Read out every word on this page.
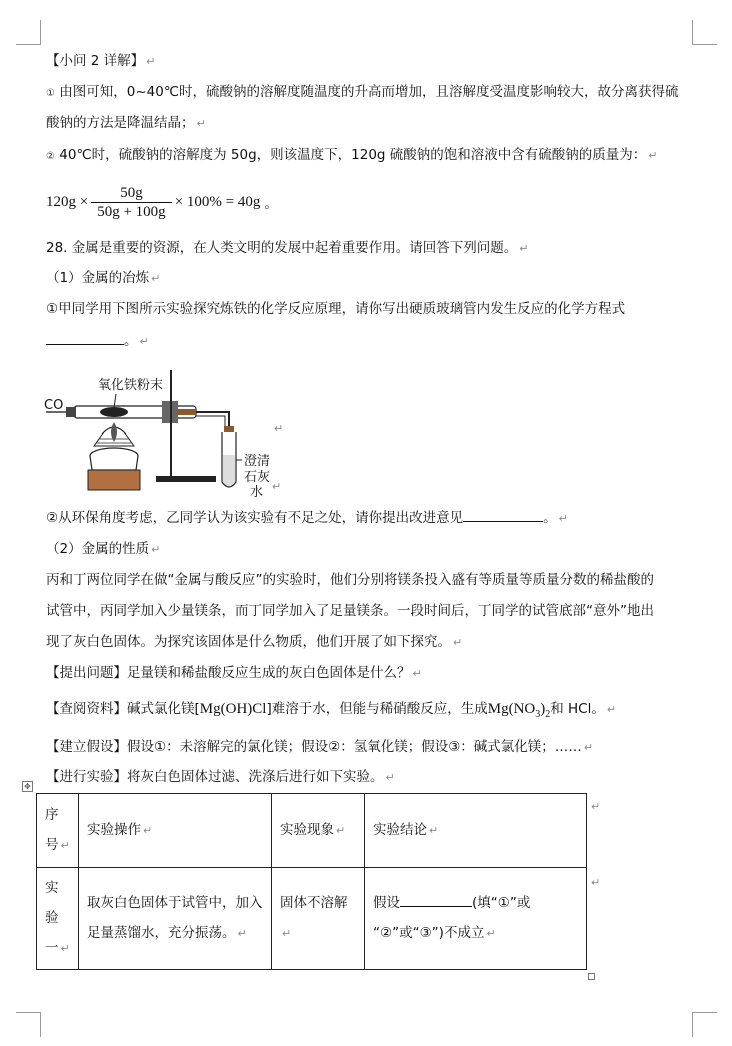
【小问 2 详解】 ↵
① 由图可知，0~40℃时，硫酸钠的溶解度随温度的升高而增加，且溶解度受温度影响较大，故分离获得硫
酸钠的方法是降温结晶； ↵
② 40℃时，硫酸钠的溶解度为 50g，则该温度下，120g 硫酸钠的饱和溶液中含有硫酸钠的质量为： ↵
$120g \times \frac{50g}{50g + 100g} \times 100\% = 40g$ 。
28. 金属是重要的资源，在人类文明的发展中起着重要作用。请回答下列问题。 ↵
（1）金属的冶炼 ↵
①甲同学用下图所示实验探究炼铁的化学反应原理，请你写出硬质玻璃管内发生反应的化学方程式
。 ↵
CO
氧化铁粉末
澄清
石灰
水
↵
↵
②从环保角度考虑，乙同学认为该实验有不足之处，请你提出改进意见	。 ↵
（2）金属的性质 ↵
丙和丁两位同学在做“金属与酸反应”的实验时，他们分别将镁条投入盛有等质量等质量分数的稀盐酸的
试管中，丙同学加入少量镁条，而丁同学加入了足量镁条。一段时间后，丁同学的试管底部“意外”地出
现了灰白色固体。为探究该固体是什么物质，他们开展了如下探究。 ↵
【提出问题】足量镁和稀盐酸反应生成的灰白色固体是什么？ ↵
【查阅资料】碱式氯化镁[Mg(OH)Cl]难溶于水，但能与稀硝酸反应，生成$Mg(NO_3)_2$和 HCl。 ↵
【建立假设】假设①：未溶解完的氯化镁；假设②：氢氧化镁；假设③：碱式氯化镁；…… ↵
【进行实验】将灰白色固体过滤、洗涤后进行如下实验。 ↵
✥
序
号 ↵	实验操作 ↵	实验现象 ↵	实验结论 ↵

实
验
一 ↵	取灰白色固体于试管中，加入
足量蒸馏水，充分振荡。 ↵	固体不溶解↵	假设 (填“①”或
“②”或“③”)不成立 ↵
↵
↵
